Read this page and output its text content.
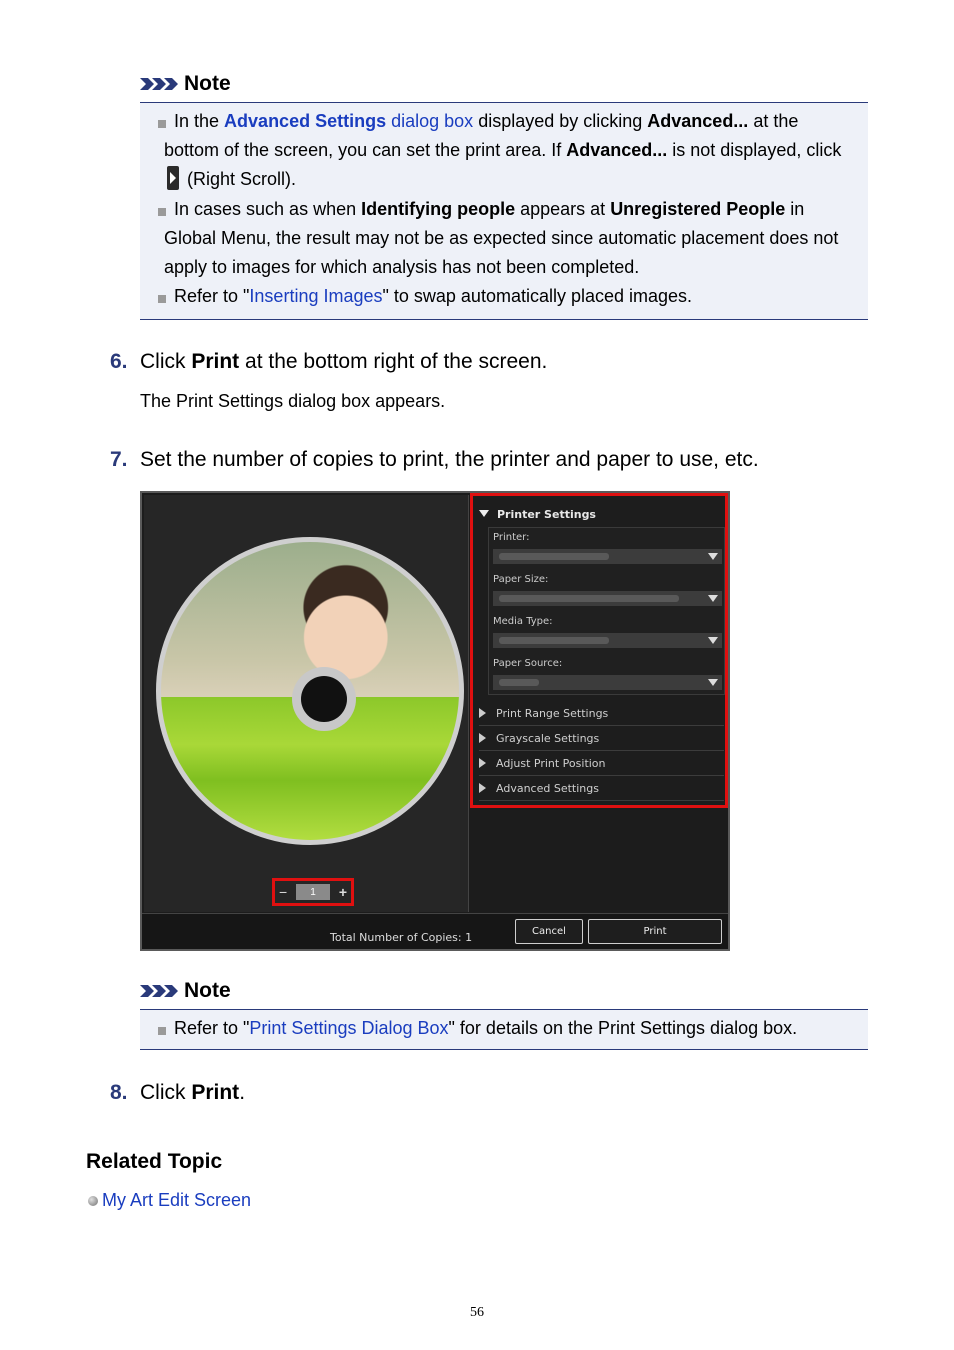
Note
In the Advanced Settings dialog box displayed by clicking Advanced... at the bottom of the screen, you can set the print area. If Advanced... is not displayed, click  (Right Scroll).
In cases such as when Identifying people appears at Unregistered People in Global Menu, the result may not be as expected since automatic placement does not apply to images for which analysis has not been completed.
Refer to "Inserting Images" to swap automatically placed images.
6. Click Print at the bottom right of the screen.
The Print Settings dialog box appears.
7. Set the number of copies to print, the printer and paper to use, etc.
−	1	+
Printer Settings
Printer:
Paper Size:
Media Type:
Paper Source:
Print Range Settings
Grayscale Settings
Adjust Print Position
Advanced Settings
Total Number of Copies: 1	Cancel	Print
Note
Refer to "Print Settings Dialog Box" for details on the Print Settings dialog box.
8. Click Print.
Related Topic
My Art Edit Screen
56
